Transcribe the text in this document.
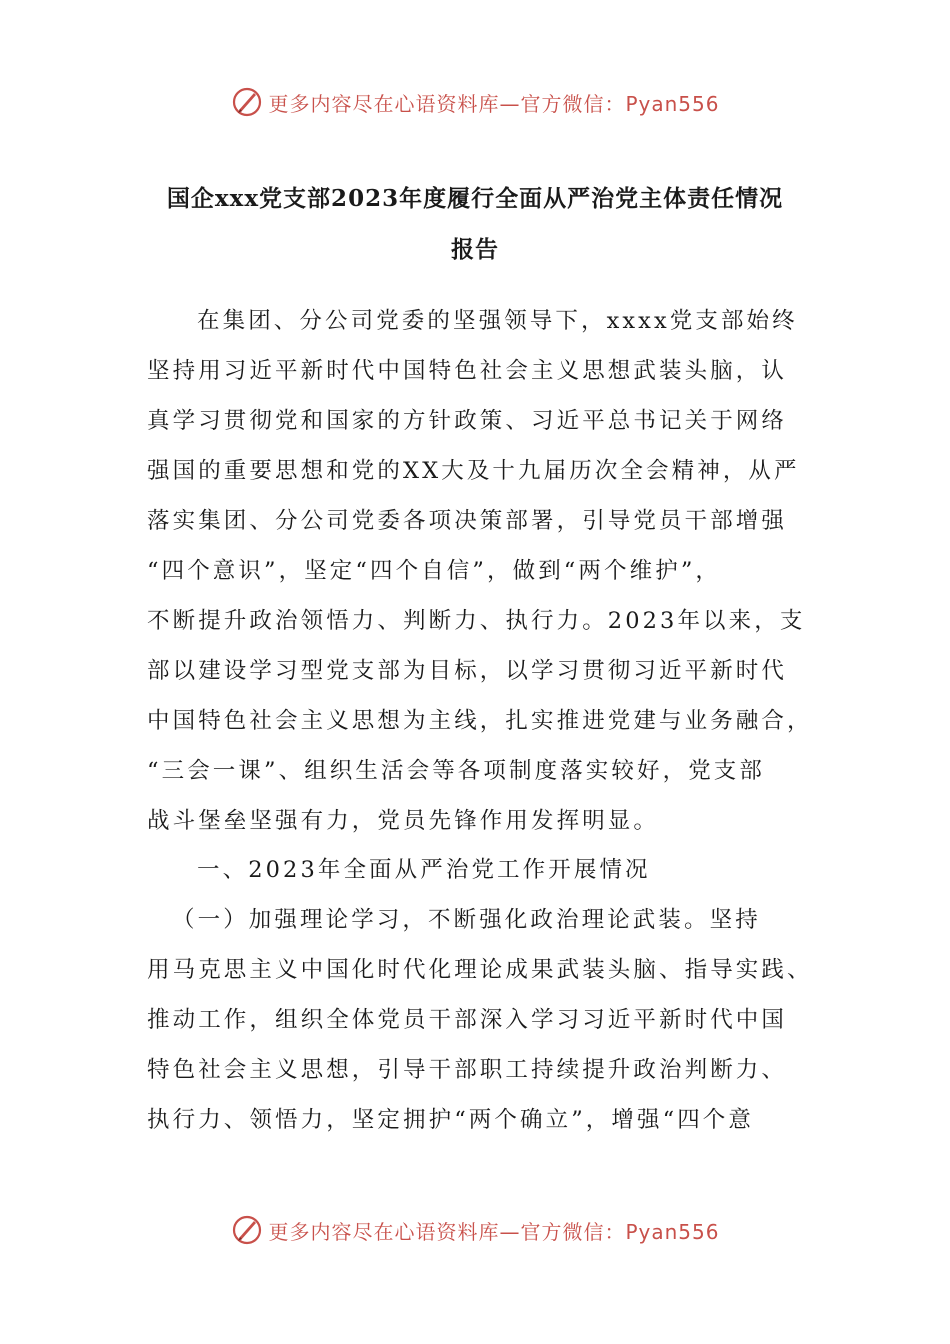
更多内容尽在心语资料库—官方微信：Pyan556
国企xxx党支部2023年度履行全面从严治党主体责任情况
报告
在集团、分公司党委的坚强领导下，xxxx党支部始终
坚持用习近平新时代中国特色社会主义思想武装头脑，认
真学习贯彻党和国家的方针政策、习近平总书记关于网络
强国的重要思想和党的XX大及十九届历次全会精神，从严
落实集团、分公司党委各项决策部署，引导党员干部增强
“四个意识”，坚定“四个自信”，做到“两个维护”，
不断提升政治领悟力、判断力、执行力。2023年以来，支
部以建设学习型党支部为目标，以学习贯彻习近平新时代
中国特色社会主义思想为主线，扎实推进党建与业务融合，
“三会一课”、组织生活会等各项制度落实较好，党支部
战斗堡垒坚强有力，党员先锋作用发挥明显。
一、2023年全面从严治党工作开展情况
（一）加强理论学习，不断强化政治理论武装。坚持
用马克思主义中国化时代化理论成果武装头脑、指导实践、
推动工作，组织全体党员干部深入学习习近平新时代中国
特色社会主义思想，引导干部职工持续提升政治判断力、
执行力、领悟力，坚定拥护“两个确立”，增强“四个意
更多内容尽在心语资料库—官方微信：Pyan556
